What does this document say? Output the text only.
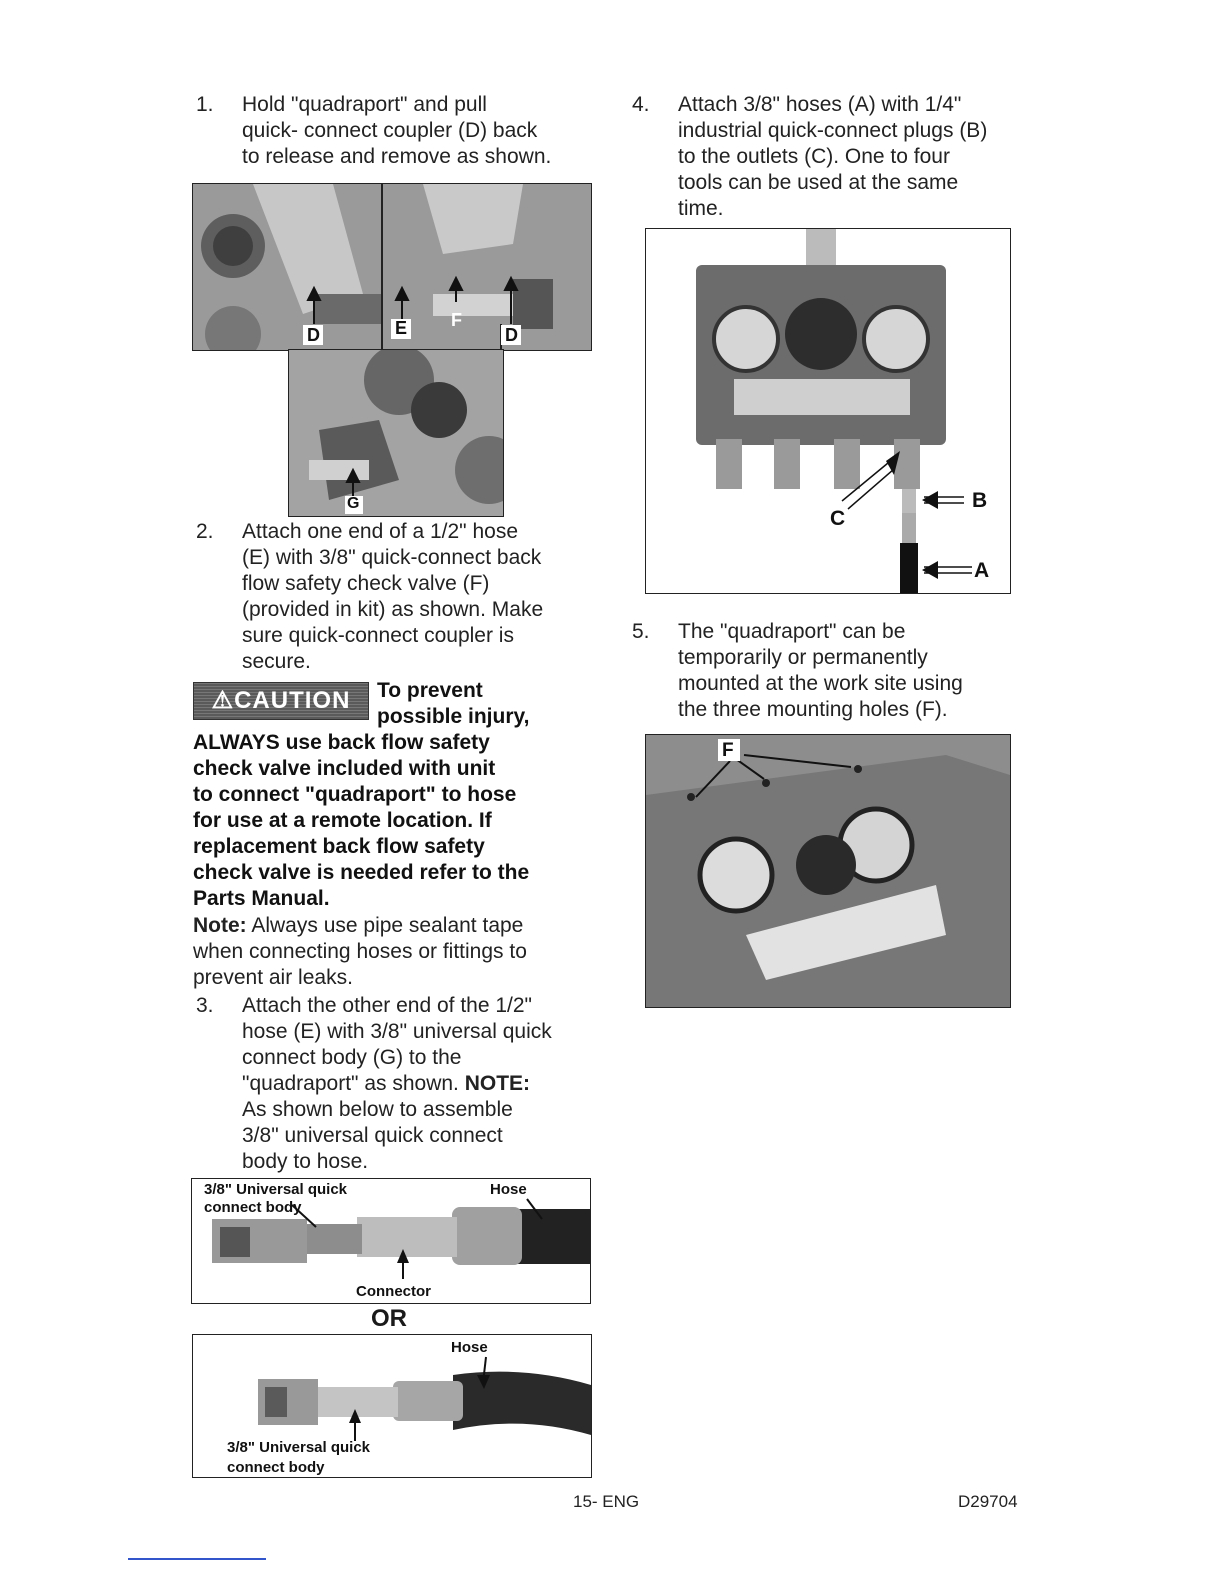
1. Hold "quadraport" and pull
quick- connect coupler (D) back
to release and remove as shown.
D	E F
D
G
2. Attach one end of a 1/2" hose
(E) with 3/8" quick-connect back
flow safety check valve (F)
(provided in kit) as shown. Make
sure quick-connect coupler is
secure.
⚠CAUTION	To prevent
possible injury,
ALWAYS use back flow safety
check valve included with unit
to connect "quadraport" to hose
for use at a remote location. If
replacement back flow safety
check valve is needed refer to the
Parts Manual.
Note: Always use pipe sealant tape
when connecting hoses or fittings to
prevent air leaks.
3. Attach the other end of the 1/2"
hose (E) with 3/8" universal quick
connect body (G) to the
"quadraport" as shown. NOTE:
As shown below to assemble
3/8" universal quick connect
body to hose.
3/8" Universal quick
connect body
Hose
Connector
OR
Hose
3/8" Universal quick
connect body
4. Attach 3/8" hoses (A) with 1/4"
industrial quick-connect plugs (B)
to the outlets (C). One to four
tools can be used at the same
time.
B
C
A
5. The "quadraport" can be
temporarily or permanently
mounted at the work site using
the three mounting holes (F).
F
15- ENG	D29704
